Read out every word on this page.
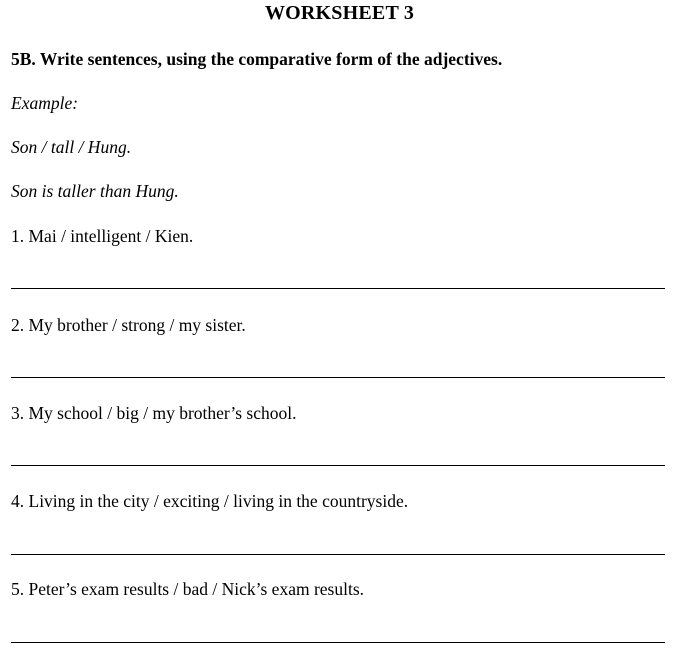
WORKSHEET 3
5B. Write sentences, using the comparative form of the adjectives.
Example:
Son / tall / Hung.
Son is taller than Hung.
1. Mai / intelligent / Kien.
2. My brother / strong / my sister.
3. My school / big / my brother’s school.
4. Living in the city / exciting / living in the countryside.
5. Peter’s exam results / bad / Nick’s exam results.
